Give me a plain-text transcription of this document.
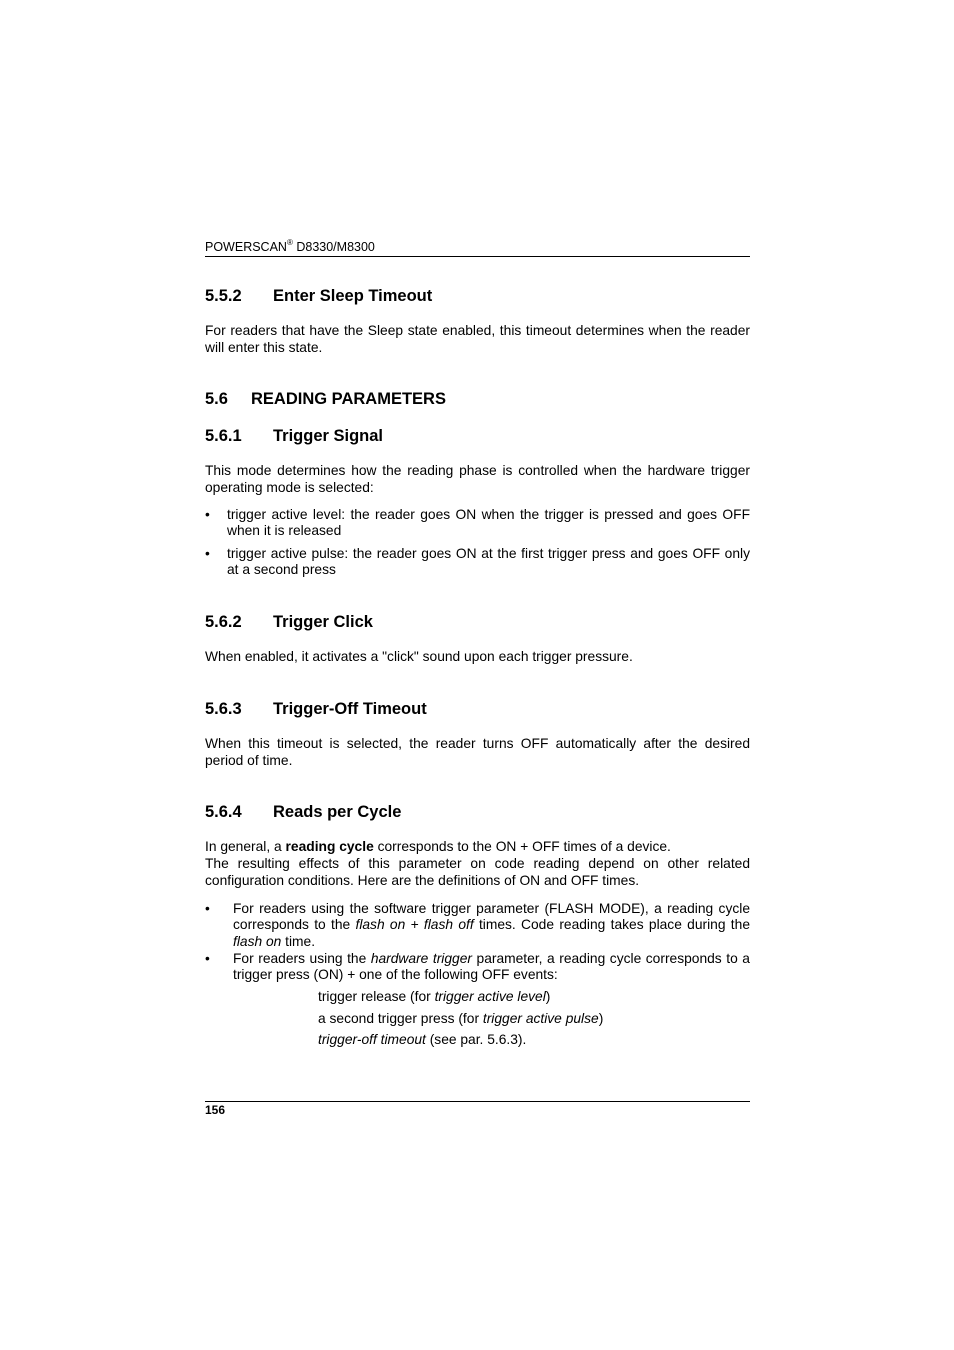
POWERSCAN® D8330/M8300
5.5.2 Enter Sleep Timeout

For readers that have the Sleep state enabled, this timeout determines when the reader will enter this state.

5.6 READING PARAMETERS
5.6.1 Trigger Signal

This mode determines how the reading phase is controlled when the hardware trigger operating mode is selected:

• trigger active level: the reader goes ON when the trigger is pressed and goes OFF when it is released
• trigger active pulse: the reader goes ON at the first trigger press and goes OFF only at a second press
5.6.2 Trigger Click

When enabled, it activates a "click" sound upon each trigger pressure.

5.6.3 Trigger-Off Timeout

When this timeout is selected, the reader turns OFF automatically after the desired period of time.

5.6.4 Reads per Cycle

In general, a reading cycle corresponds to the ON + OFF times of a device.

The resulting effects of this parameter on code reading depend on other related configuration conditions. Here are the definitions of ON and OFF times.

• For readers using the software trigger parameter (FLASH MODE), a reading cycle corresponds to the flash on + flash off times. Code reading takes place during the flash on time.
• For readers using the hardware trigger parameter, a reading cycle corresponds to a trigger press (ON) + one of the following OFF events:
trigger release (for trigger active level)
a second trigger press (for trigger active pulse)
trigger-off timeout (see par. 5.6.3).
156
